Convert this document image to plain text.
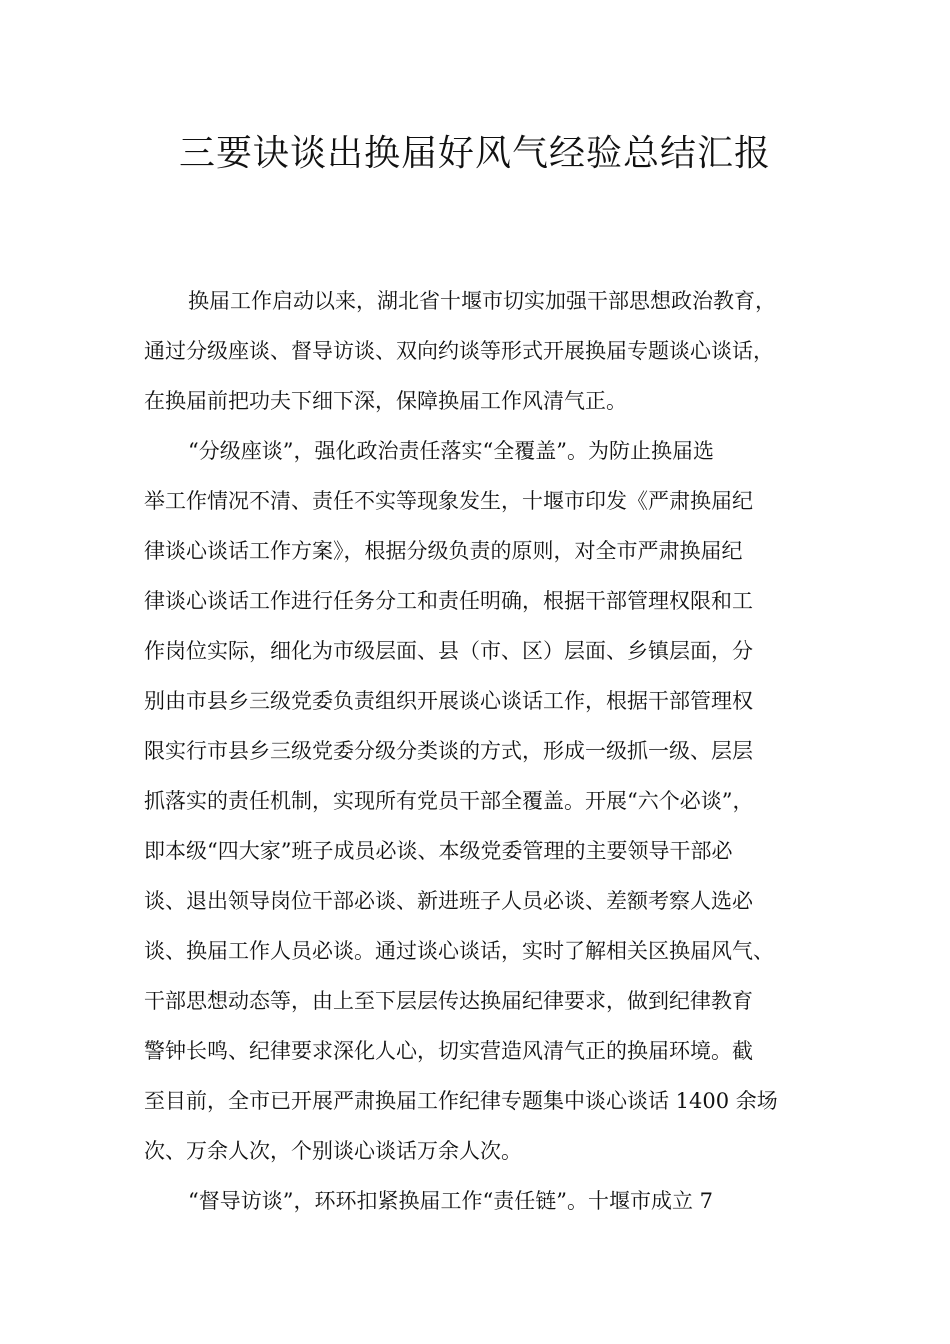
三要诀谈出换届好风气经验总结汇报
换届工作启动以来，湖北省十堰市切实加强干部思想政治教育，
通过分级座谈、督导访谈、双向约谈等形式开展换届专题谈心谈话，
在换届前把功夫下细下深，保障换届工作风清气正。
“分级座谈”，强化政治责任落实“全覆盖”。为防止换届选
举工作情况不清、责任不实等现象发生，十堰市印发《严肃换届纪
律谈心谈话工作方案》，根据分级负责的原则，对全市严肃换届纪
律谈心谈话工作进行任务分工和责任明确，根据干部管理权限和工
作岗位实际，细化为市级层面、县（市、区）层面、乡镇层面，分
别由市县乡三级党委负责组织开展谈心谈话工作，根据干部管理权
限实行市县乡三级党委分级分类谈的方式，形成一级抓一级、层层
抓落实的责任机制，实现所有党员干部全覆盖。开展“六个必谈”，
即本级“四大家”班子成员必谈、本级党委管理的主要领导干部必
谈、退出领导岗位干部必谈、新进班子人员必谈、差额考察人选必
谈、换届工作人员必谈。通过谈心谈话，实时了解相关区换届风气、
干部思想动态等，由上至下层层传达换届纪律要求，做到纪律教育
警钟长鸣、纪律要求深化人心，切实营造风清气正的换届环境。截
至目前，全市已开展严肃换届工作纪律专题集中谈心谈话 1400 余场
次、万余人次，个别谈心谈话万余人次。
“督导访谈”，环环扣紧换届工作“责任链”。十堰市成立 7
